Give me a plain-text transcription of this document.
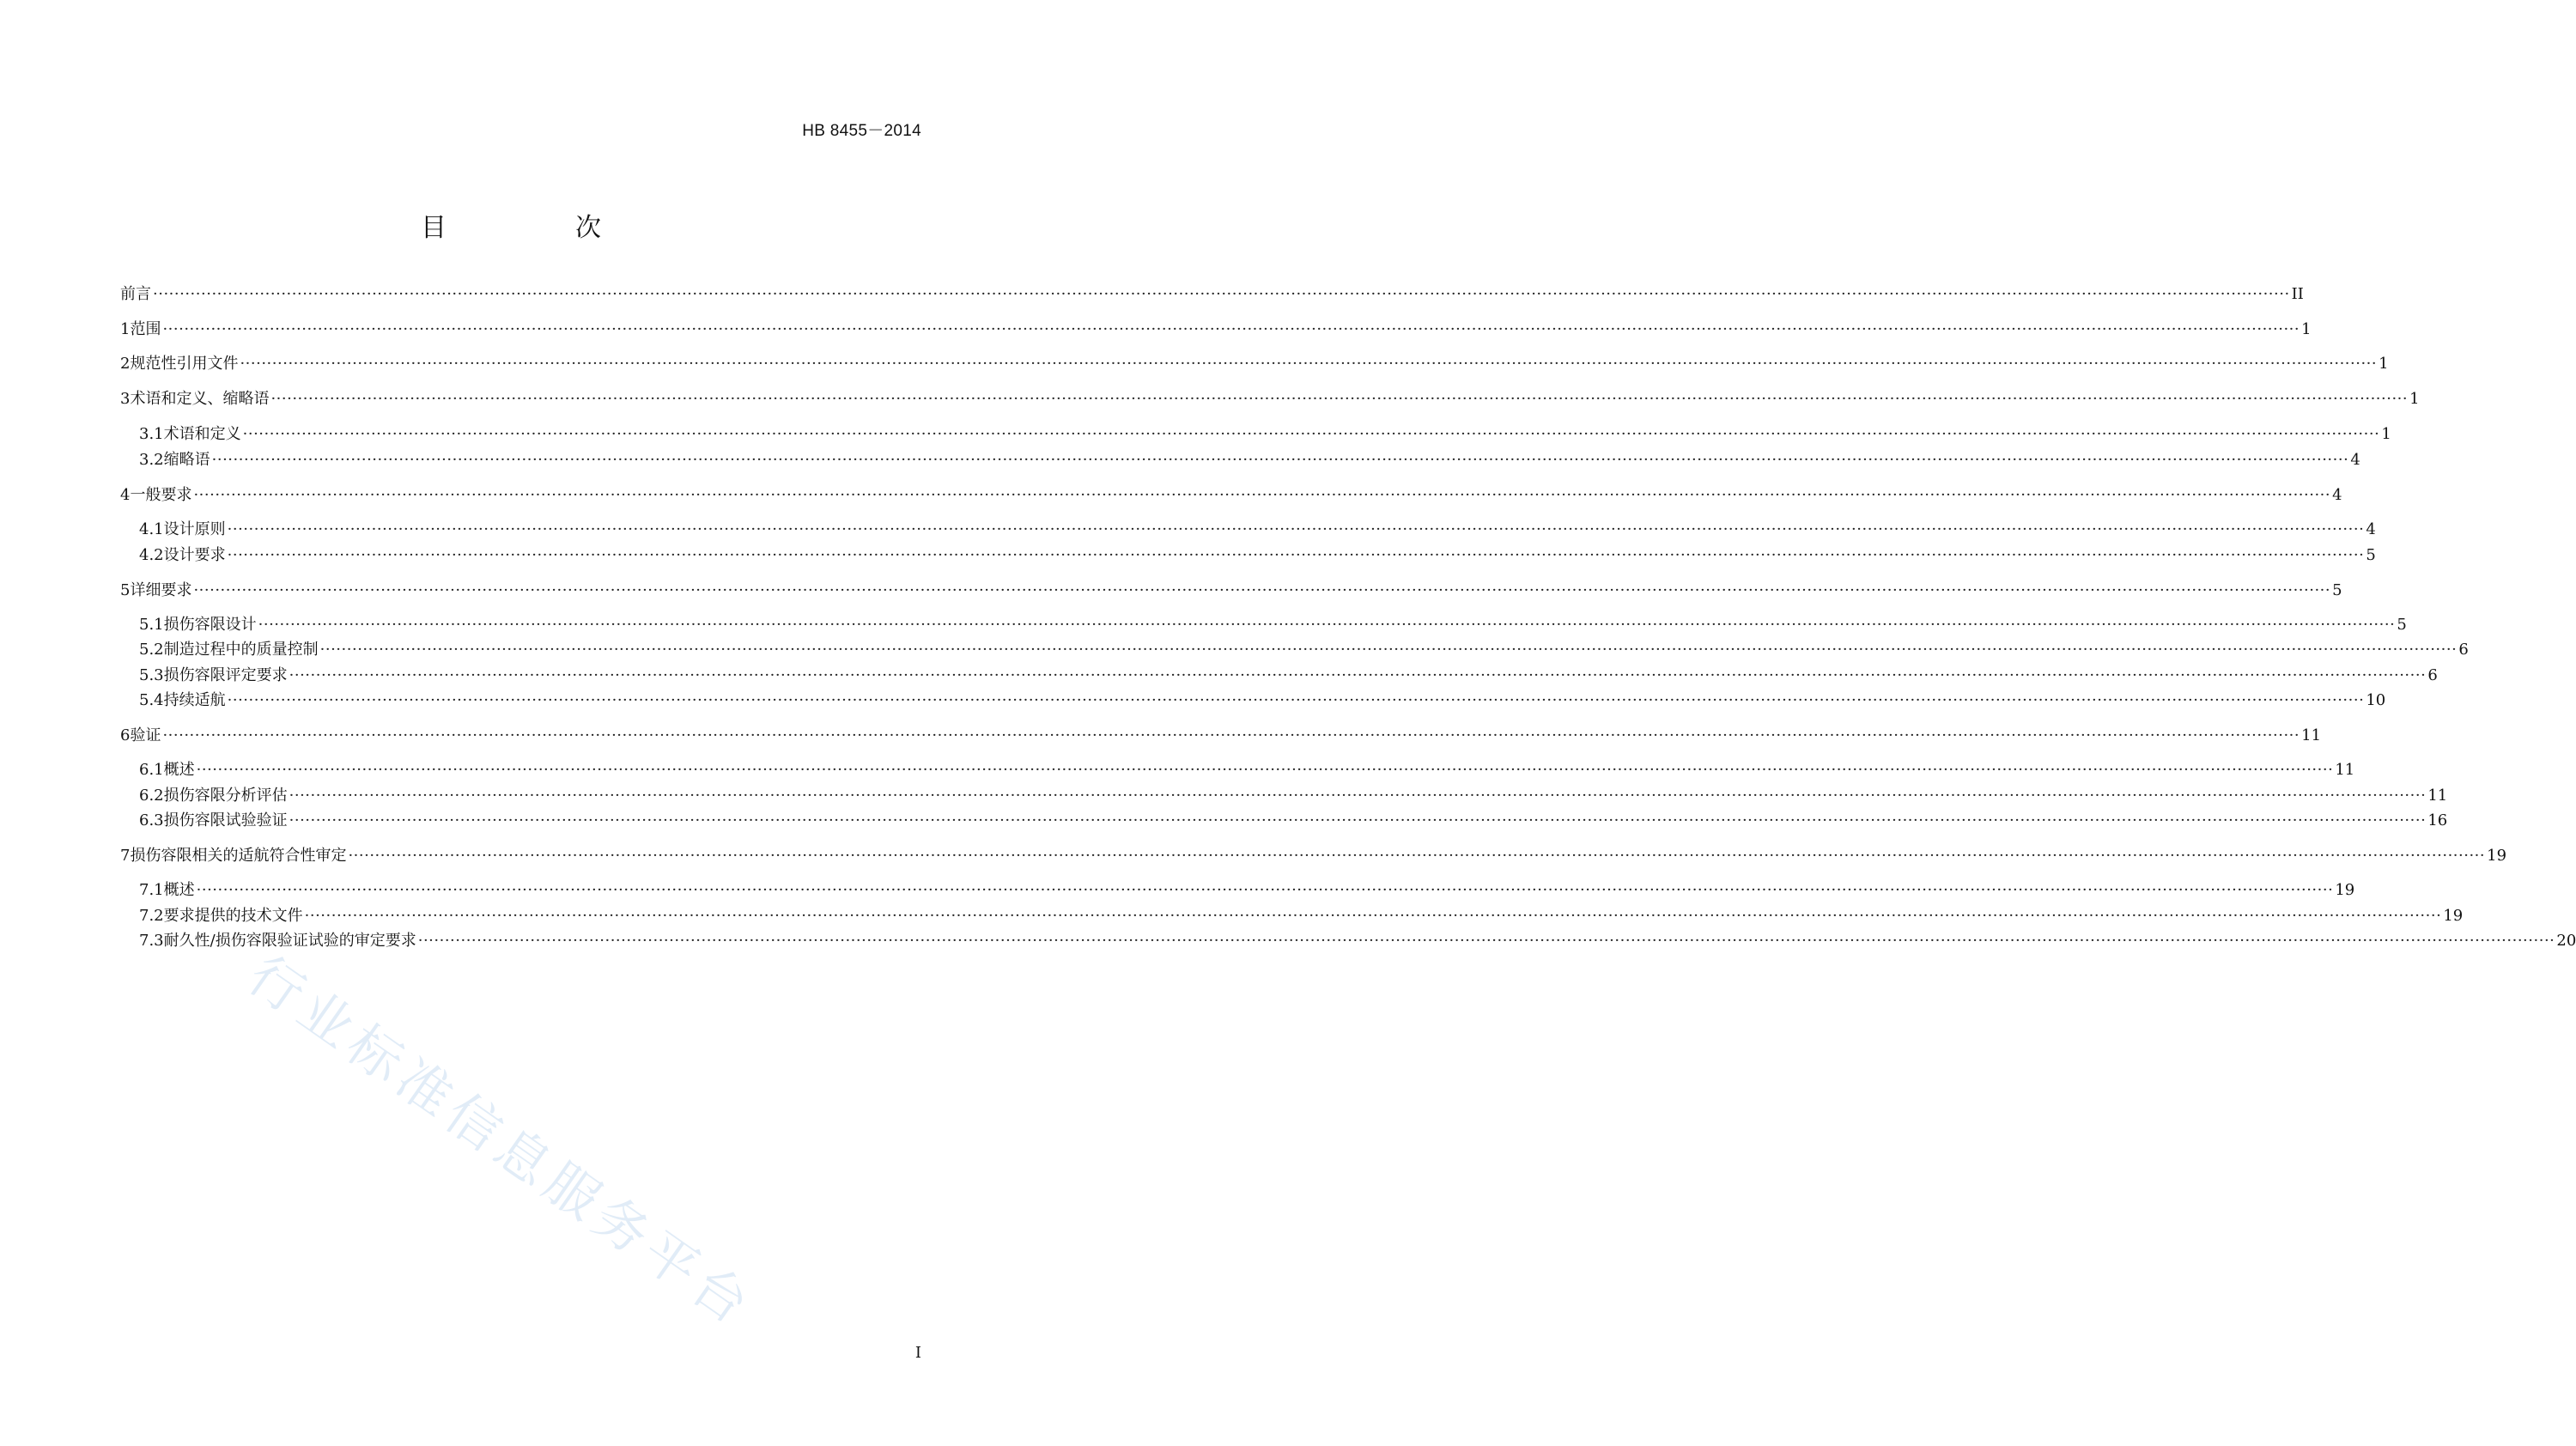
HB 8455－2014
目　次
前言 ················································································································································································································································································································································································································ II
1 范围 ················································································································································································································································································································································································································ 1
2 规范性引用文件 ················································································································································································································································································································································································································ 1
3 术语和定义、缩略语 ················································································································································································································································································································································································································ 1
3.1 术语和定义 ················································································································································································································································································································································································································ 1
3.2 缩略语 ················································································································································································································································································································································································································ 4
4 一般要求 ················································································································································································································································································································································································································ 4
4.1 设计原则 ················································································································································································································································································································································································································ 4
4.2 设计要求 ················································································································································································································································································································································································································ 5
5 详细要求 ················································································································································································································································································································································································································ 5
5.1 损伤容限设计 ················································································································································································································································································································································································································ 5
5.2 制造过程中的质量控制 ················································································································································································································································································································································································································ 6
5.3 损伤容限评定要求 ················································································································································································································································································································································································································ 6
5.4 持续适航 ················································································································································································································································································································································································································ 10
6 验证 ················································································································································································································································································································································································································ 11
6.1 概述 ················································································································································································································································································································································································································ 11
6.2 损伤容限分析评估 ················································································································································································································································································································································································································ 11
6.3 损伤容限试验验证 ················································································································································································································································································································································································································ 16
7 损伤容限相关的适航符合性审定 ················································································································································································································································································································································································································ 19
7.1 概述 ················································································································································································································································································································································································································ 19
7.2 要求提供的技术文件 ················································································································································································································································································································································································································ 19
7.3 耐久性/损伤容限验证试验的审定要求 ················································································································································································································································································································································································································ 20
行业标准信息服务平台
I
